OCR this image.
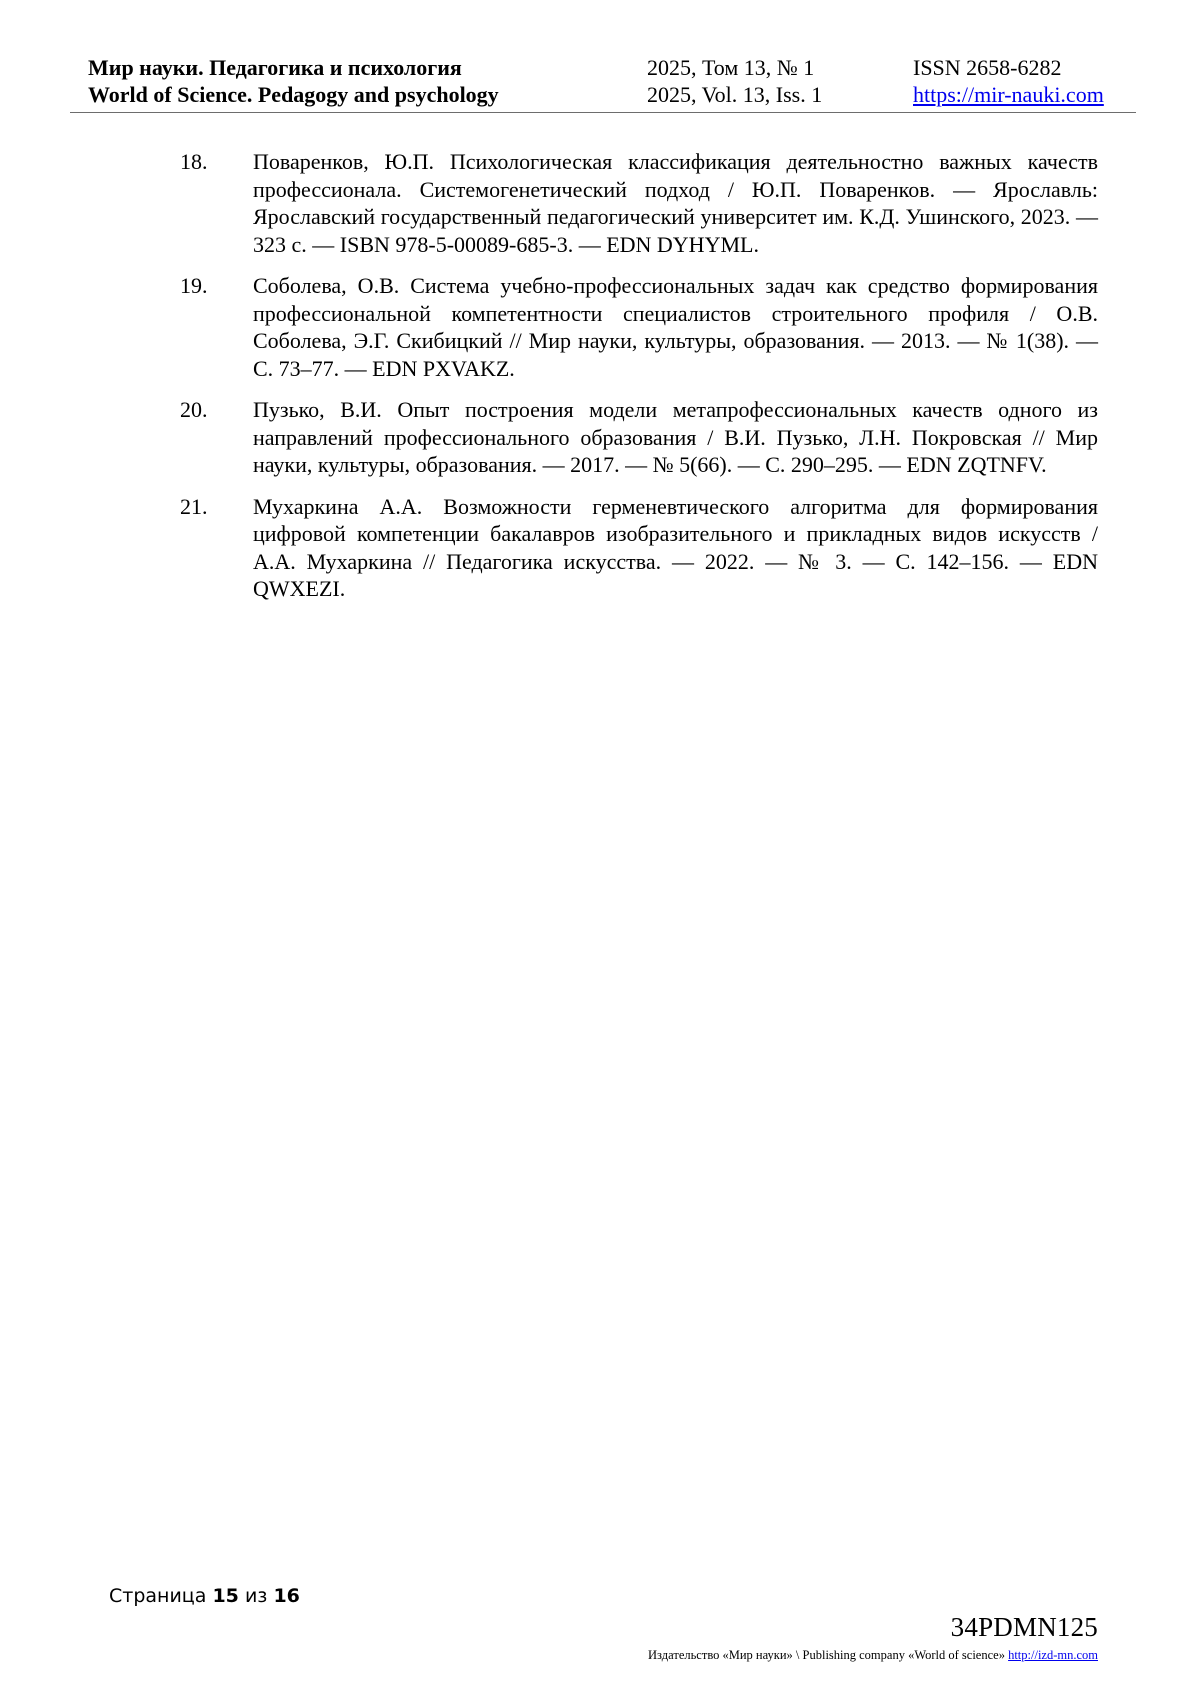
Мир науки. Педагогика и психология
World of Science. Pedagogy and psychology
2025, Том 13, № 1
2025, Vol. 13, Iss. 1
ISSN 2658-6282
https://mir-nauki.com
18. Поваренков, Ю.П. Психологическая классификация деятельностно важных качеств профессионала. Системогенетический подход / Ю.П. Поваренков. — Ярославль: Ярославский государственный педагогический университет им. К.Д. Ушинского, 2023. — 323 с. — ISBN 978-5-00089-685-3. — EDN DYHYML.
19. Соболева, О.В. Система учебно-профессиональных задач как средство формирования профессиональной компетентности специалистов строительного профиля / О.В. Соболева, Э.Г. Скибицкий // Мир науки, культуры, образования. — 2013. — № 1(38). — С. 73–77. — EDN PXVAKZ.
20. Пузько, В.И. Опыт построения модели метапрофессиональных качеств одного из направлений профессионального образования / В.И. Пузько, Л.Н. Покровская // Мир науки, культуры, образования. — 2017. — № 5(66). — С. 290–295. — EDN ZQTNFV.
21. Мухаркина А.А. Возможности герменевтического алгоритма для формирования цифровой компетенции бакалавров изобразительного и прикладных видов искусств / А.А. Мухаркина // Педагогика искусства. — 2022. — № 3. — С. 142–156. — EDN QWXEZI.
Страница 15 из 16
34PDMN125
Издательство «Мир науки» \ Publishing company «World of science» http://izd-mn.com
